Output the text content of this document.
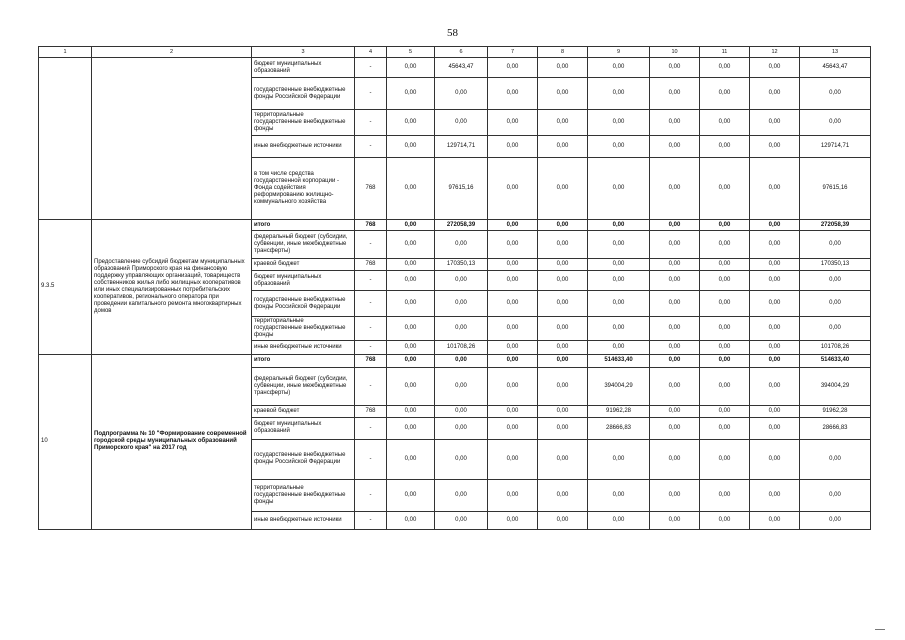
58
1	2	3	4	5	6	7	8	9	10	11	12	13
		бюджет муниципальных образований	-	0,00	45643,47	0,00	0,00	0,00	0,00	0,00	0,00	45643,47
		государственные внебюджетные фонды Российской Федерации	-	0,00	0,00	0,00	0,00	0,00	0,00	0,00	0,00	0,00
		территориальные государственные внебюджетные фонды	-	0,00	0,00	0,00	0,00	0,00	0,00	0,00	0,00	0,00
		иные внебюджетные источники	-	0,00	129714,71	0,00	0,00	0,00	0,00	0,00	0,00	129714,71
		в том числе средства государственной корпорации - Фонда содействия реформированию жилищно-коммунального хозяйства	768	0,00	97615,16	0,00	0,00	0,00	0,00	0,00	0,00	97615,16
9.3.5	Предоставление субсидий бюджетам муниципальных образований Приморского края на финансовую поддержку управляющих организаций, товариществ собственников жилья либо жилищных кооперативов или иных специализированных потребительских кооперативов, регионального оператора при проведении капитального ремонта многоквартирных домов	итого	768	0,00	272058,39	0,00	0,00	0,00	0,00	0,00	0,00	272058,39
		федеральный бюджет (субсидии, субвенции, иные межбюджетные трансферты)	-	0,00	0,00	0,00	0,00	0,00	0,00	0,00	0,00	0,00
		краевой бюджет	768	0,00	170350,13	0,00	0,00	0,00	0,00	0,00	0,00	170350,13
		бюджет муниципальных образований	-	0,00	0,00	0,00	0,00	0,00	0,00	0,00	0,00	0,00
		государственные внебюджетные фонды Российской Федерации	-	0,00	0,00	0,00	0,00	0,00	0,00	0,00	0,00	0,00
		территориальные государственные внебюджетные фонды	-	0,00	0,00	0,00	0,00	0,00	0,00	0,00	0,00	0,00
		иные внебюджетные источники	-	0,00	101708,26	0,00	0,00	0,00	0,00	0,00	0,00	101708,26
10	Подпрограмма № 10 "Формирование современной городской среды муниципальных образований Приморского края" на 2017 год	итого	768	0,00	0,00	0,00	0,00	514633,40	0,00	0,00	0,00	514633,40
		федеральный бюджет (субсидии, субвенции, иные межбюджетные трансферты)	-	0,00	0,00	0,00	0,00	394004,29	0,00	0,00	0,00	394004,29
		краевой бюджет	768	0,00	0,00	0,00	0,00	91962,28	0,00	0,00	0,00	91962,28
		бюджет муниципальных образований	-	0,00	0,00	0,00	0,00	28666,83	0,00	0,00	0,00	28666,83
		государственные внебюджетные фонды Российской Федерации	-	0,00	0,00	0,00	0,00	0,00	0,00	0,00	0,00	0,00
		территориальные государственные внебюджетные фонды	-	0,00	0,00	0,00	0,00	0,00	0,00	0,00	0,00	0,00
		иные внебюджетные источники	-	0,00	0,00	0,00	0,00	0,00	0,00	0,00	0,00	0,00
